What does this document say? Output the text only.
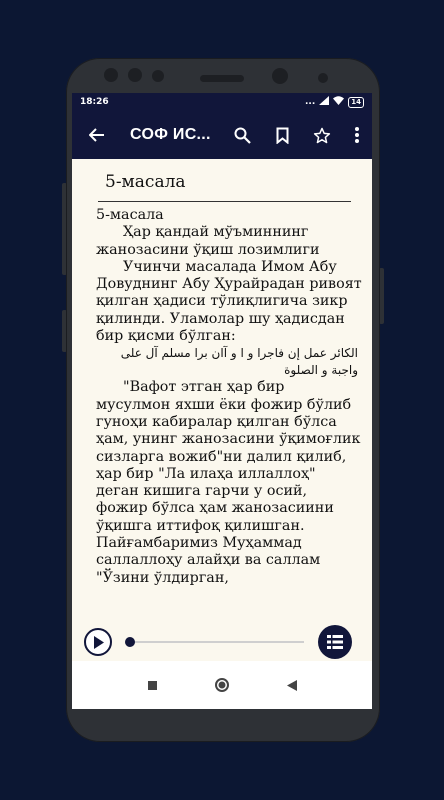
18:26	...	14
СОФ ИС...
5-масала

5-масала

Ҳар қандай мўъминнинг жанозасини ўқиш лозимлиги

Учинчи масалада Имом Абу Довуднинг Абу Ҳурайрадан ривоят қилган ҳадиси тўлиқлигича зикр қилинди. Уламолар шу ҳадисдан бир қисми бўлган:

الكائر عمل إن فاجرا و ا و آان برا مسلم آل على واجبة و الصلوة

"Вафот этган ҳар бир мусулмон яхши ёки фожир бўлиб гуноҳи кабиралар қилган бўлса ҳам, унинг жанозасини ўқимоғлик сизларга вожиб"ни далил қилиб, ҳар бир "Ла илаҳа иллаллоҳ" деган кишига гарчи у осий, фожир бўлса ҳам жанозасиини ўқишга иттифоқ қилишган. Пайғамбаримиз Муҳаммад саллаллоҳу алайҳи ва саллам "Ўзини ўлдирган,
